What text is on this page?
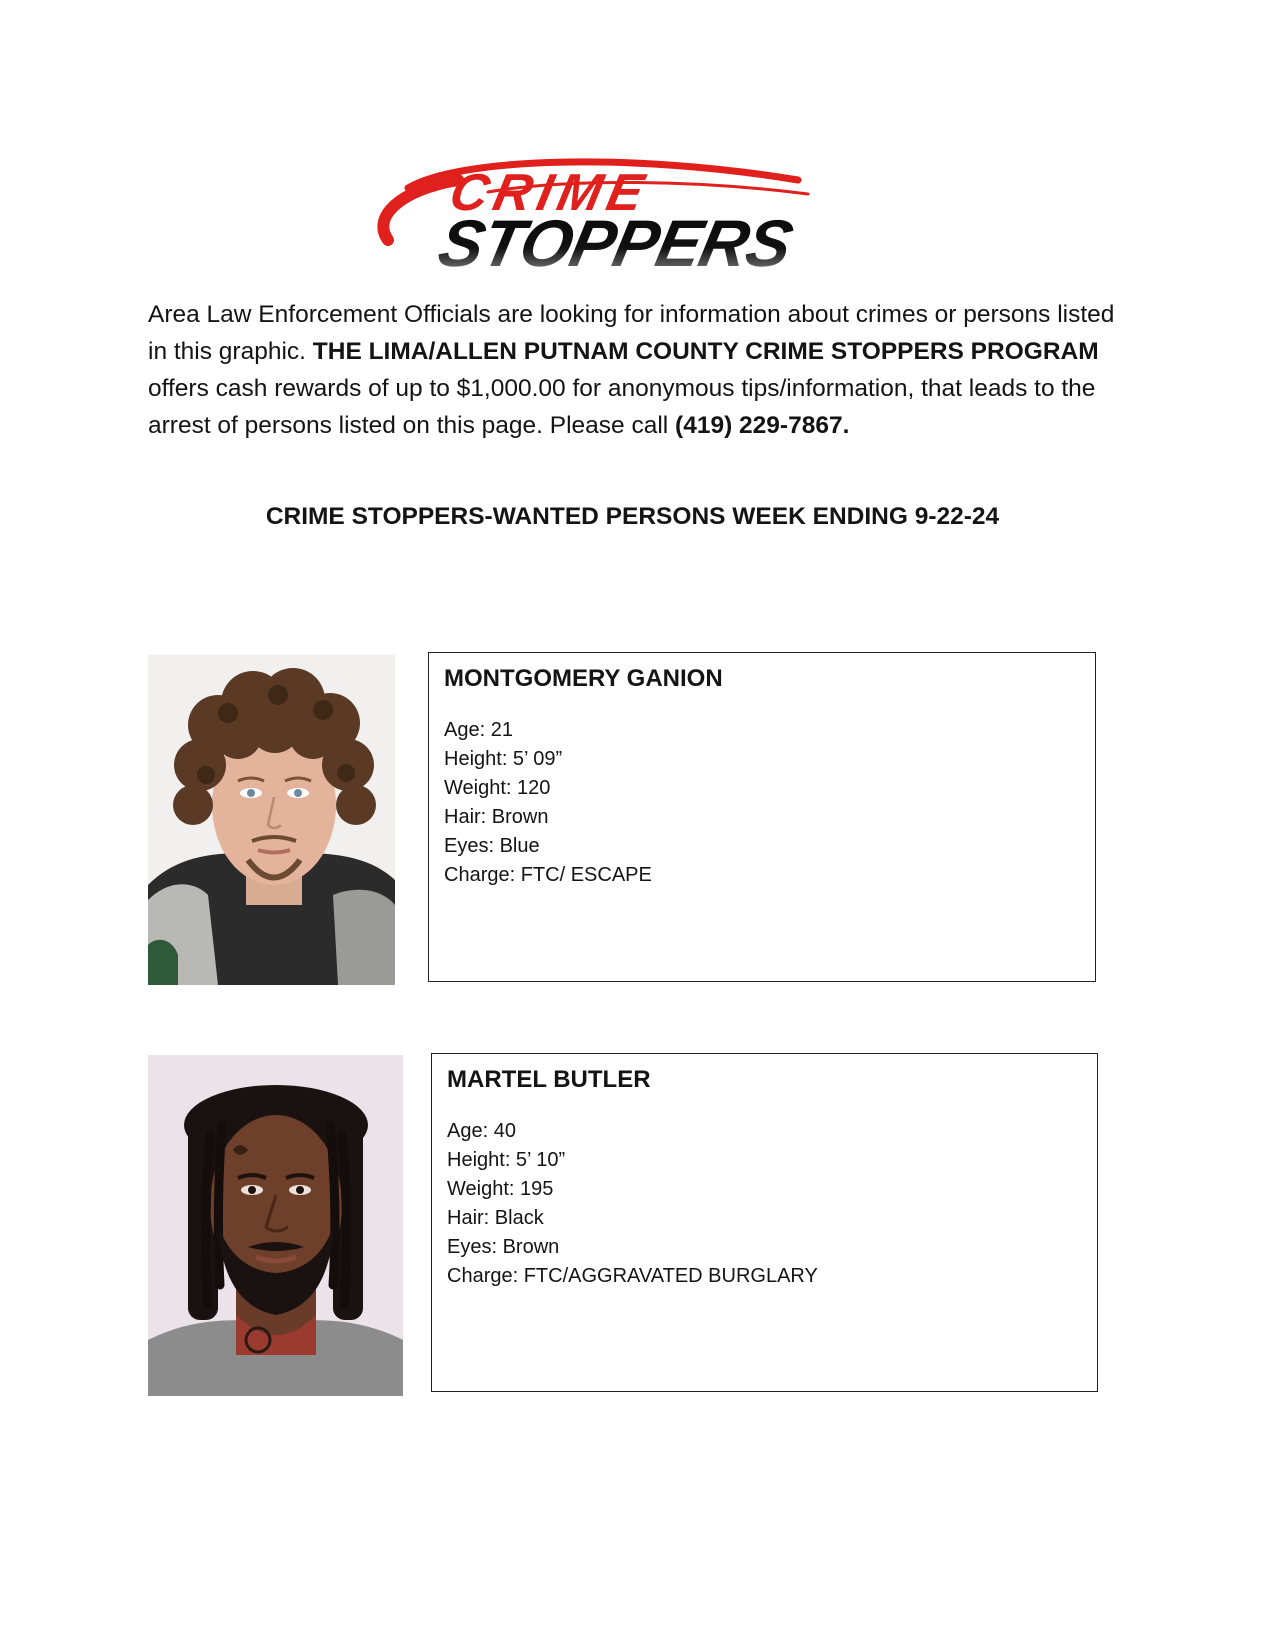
CRIME
STOPPERS
Area Law Enforcement Officials are looking for information about crimes or persons listed in this graphic. THE LIMA/ALLEN PUTNAM COUNTY CRIME STOPPERS PROGRAM offers cash rewards of up to $1,000.00 for anonymous tips/information, that leads to the arrest of persons listed on this page. Please call (419) 229-7867.
CRIME STOPPERS-WANTED PERSONS WEEK ENDING 9-22-24
MONTGOMERY GANION
Age: 21
Height: 5’ 09”
Weight: 120
Hair: Brown
Eyes: Blue
Charge: FTC/ ESCAPE
MARTEL BUTLER
Age: 40
Height: 5’ 10”
Weight: 195
Hair: Black
Eyes: Brown
Charge: FTC/AGGRAVATED BURGLARY
